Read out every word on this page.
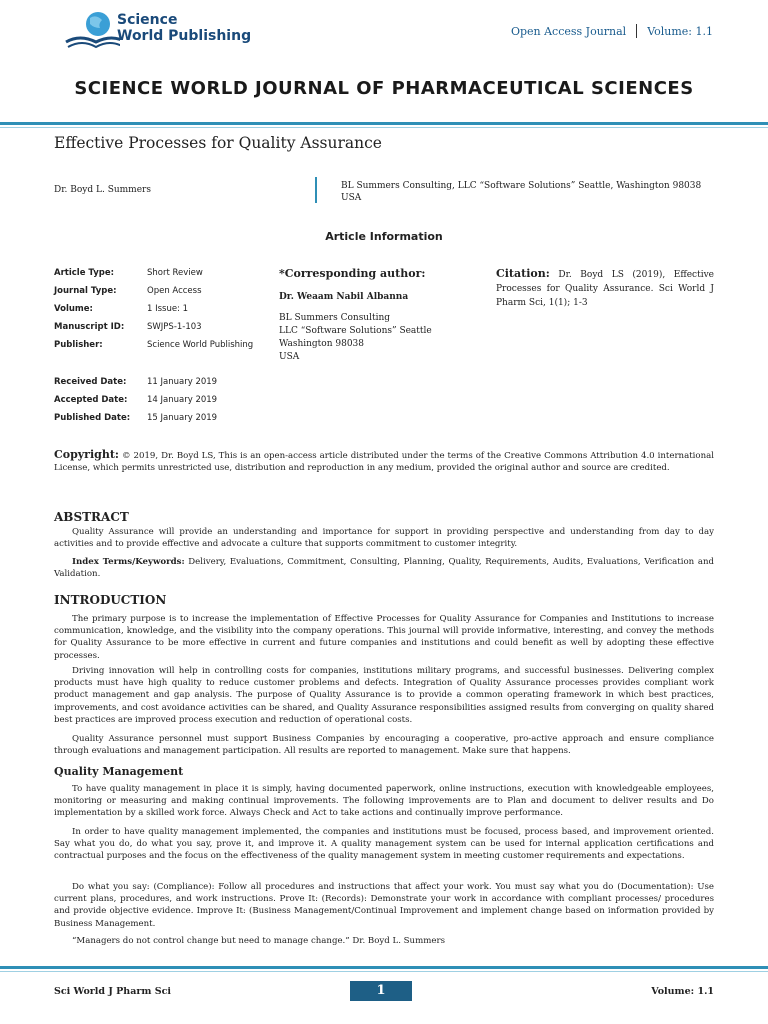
Science
World Publishing	Open Access Journal Volume: 1.1
SCIENCE WORLD JOURNAL OF PHARMACEUTICAL SCIENCES
Effective Processes for Quality Assurance
Dr. Boyd L. Summers	BL Summers Consulting, LLC “Software Solutions” Seattle, Washington 98038 USA
Article Information
Article Type:	Short Review
Journal Type:	Open Access
Volume:	1 Issue: 1
Manuscript ID:	SWJPS-1-103
Publisher:	Science World Publishing
Received Date:	11 January 2019
Accepted Date:	14 January 2019
Published Date:	15 January 2019
*Corresponding author:
Dr. Weaam Nabil Albanna
BL Summers Consulting
LLC “Software Solutions” Seattle
Washington 98038
USA
Citation: Dr. Boyd LS (2019), Effective Processes for Quality Assurance. Sci World J Pharm Sci, 1(1); 1-3
Copyright: © 2019, Dr. Boyd LS, This is an open-access article distributed under the terms of the Creative Commons Attribution 4.0 international License, which permits unrestricted use, distribution and reproduction in any medium, provided the original author and source are credited.
ABSTRACT
Quality Assurance will provide an understanding and importance for support in providing perspective and understanding from day to day activities and to provide effective and advocate a culture that supports commitment to customer integrity.
Index Terms/Keywords: Delivery, Evaluations, Commitment, Consulting, Planning, Quality, Requirements, Audits, Evaluations, Verification and Validation.
INTRODUCTION
The primary purpose is to increase the implementation of Effective Processes for Quality Assurance for Companies and Institutions to increase communication, knowledge, and the visibility into the company operations. This journal will provide informative, interesting, and convey the methods for Quality Assurance to be more effective in current and future companies and institutions and could benefit as well by adopting these effective processes.
Driving innovation will help in controlling costs for companies, institutions military programs, and successful businesses. Delivering complex products must have high quality to reduce customer problems and defects. Integration of Quality Assurance processes provides compliant work product management and gap analysis. The purpose of Quality Assurance is to provide a common operating framework in which best practices, improvements, and cost avoidance activities can be shared, and Quality Assurance responsibilities assigned results from converging on quality shared best practices are improved process execution and reduction of operational costs.
Quality Assurance personnel must support Business Companies by encouraging a cooperative, pro-active approach and ensure compliance through evaluations and management participation. All results are reported to management. Make sure that happens.
Quality Management
To have quality management in place it is simply, having documented paperwork, online instructions, execution with knowledgeable employees, monitoring or measuring and making continual improvements. The following improvements are to Plan and document to deliver results and Do implementation by a skilled work force. Always Check and Act to take actions and continually improve performance.
In order to have quality management implemented, the companies and institutions must be focused, process based, and improvement oriented. Say what you do, do what you say, prove it, and improve it. A quality management system can be used for internal application certifications and contractual purposes and the focus on the effectiveness of the quality management system in meeting customer requirements and expectations.
Do what you say: (Compliance): Follow all procedures and instructions that affect your work. You must say what you do (Documentation): Use current plans, procedures, and work instructions. Prove It: (Records): Demonstrate your work in accordance with compliant processes/ procedures and provide objective evidence. Improve It: (Business Management/Continual Improvement and implement change based on information provided by Business Management.
“Managers do not control change but need to manage change.” Dr. Boyd L. Summers
Sci World J Pharm Sci	1	Volume: 1.1
